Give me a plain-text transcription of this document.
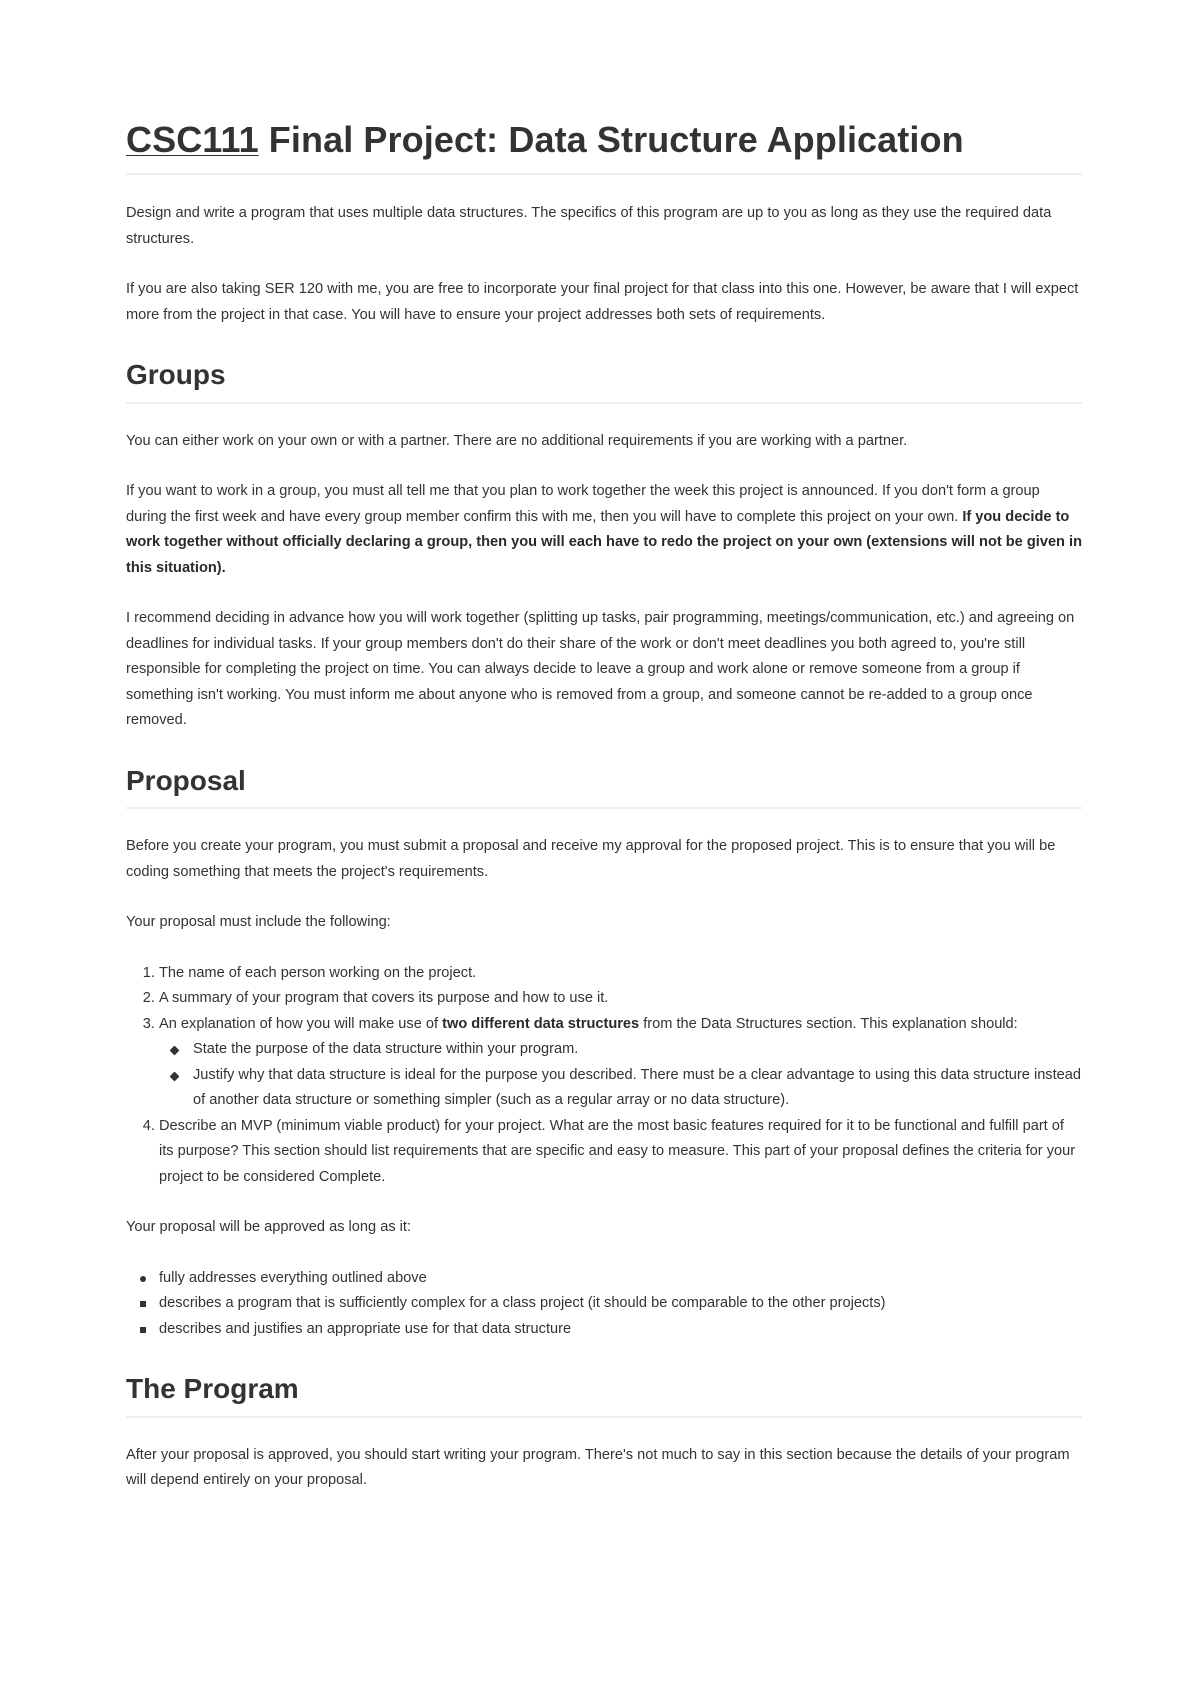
CSC111 Final Project: Data Structure Application

Design and write a program that uses multiple data structures. The specifics of this program are up to you as long as they use the required data structures.

If you are also taking SER 120 with me, you are free to incorporate your final project for that class into this one. However, be aware that I will expect more from the project in that case. You will have to ensure your project addresses both sets of requirements.

Groups

You can either work on your own or with a partner. There are no additional requirements if you are working with a partner.

If you want to work in a group, you must all tell me that you plan to work together the week this project is announced. If you don't form a group during the first week and have every group member confirm this with me, then you will have to complete this project on your own. If you decide to work together without officially declaring a group, then you will each have to redo the project on your own (extensions will not be given in this situation).

I recommend deciding in advance how you will work together (splitting up tasks, pair programming, meetings/communication, etc.) and agreeing on deadlines for individual tasks. If your group members don't do their share of the work or don't meet deadlines you both agreed to, you're still responsible for completing the project on time. You can always decide to leave a group and work alone or remove someone from a group if something isn't working. You must inform me about anyone who is removed from a group, and someone cannot be re-added to a group once removed.

Proposal

Before you create your program, you must submit a proposal and receive my approval for the proposed project. This is to ensure that you will be coding something that meets the project's requirements.

Your proposal must include the following:

1. The name of each person working on the project.
2. A summary of your program that covers its purpose and how to use it.
3. An explanation of how you will make use of two different data structures from the Data Structures section. This explanation should:
State the purpose of the data structure within your program.
Justify why that data structure is ideal for the purpose you described. There must be a clear advantage to using this data structure instead of another data structure or something simpler (such as a regular array or no data structure).
4. Describe an MVP (minimum viable product) for your project. What are the most basic features required for it to be functional and fulfill part of its purpose? This section should list requirements that are specific and easy to measure. This part of your proposal defines the criteria for your project to be considered Complete.

Your proposal will be approved as long as it:

fully addresses everything outlined above
describes a program that is sufficiently complex for a class project (it should be comparable to the other projects)
describes and justifies an appropriate use for that data structure
The Program

After your proposal is approved, you should start writing your program. There's not much to say in this section because the details of your program will depend entirely on your proposal.
